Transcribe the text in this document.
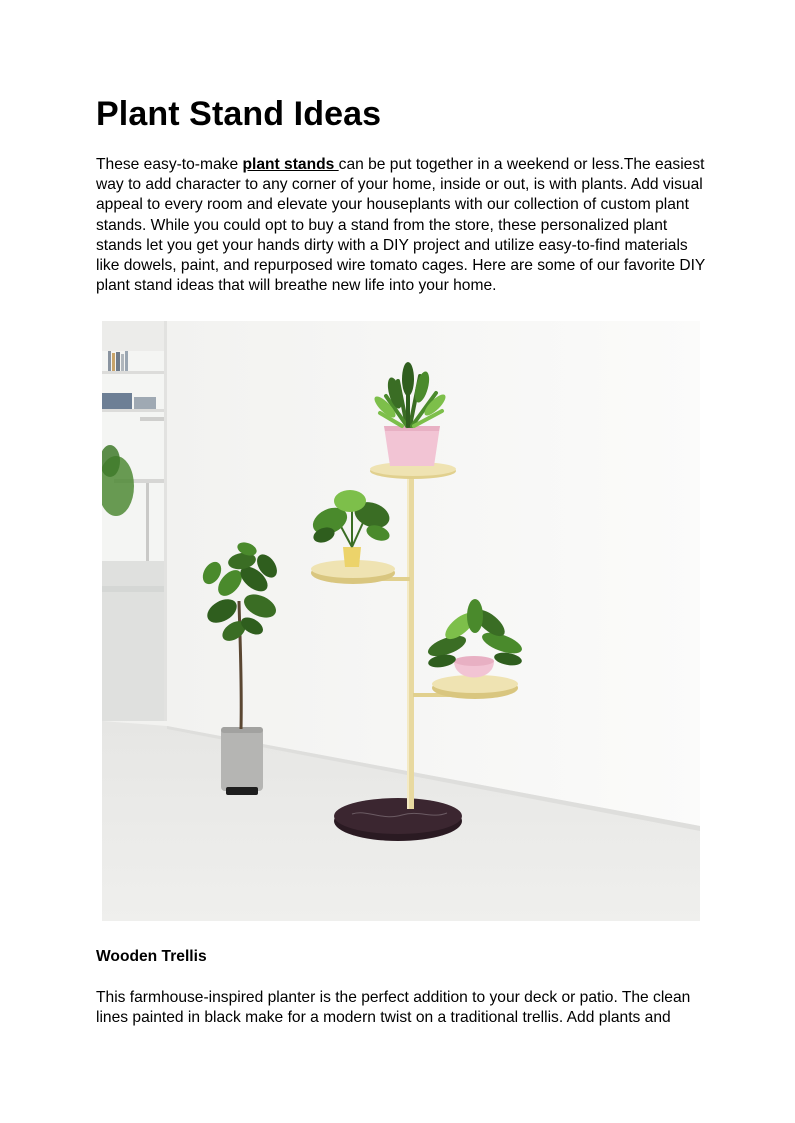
Plant Stand Ideas

These easy-to-make plant stands can be put together in a weekend or less.The easiest
way to add character to any corner of your home, inside or out, is with plants. Add visual
appeal to every room and elevate your houseplants with our collection of custom plant
stands. While you could opt to buy a stand from the store, these personalized plant
stands let you get your hands dirty with a DIY project and utilize easy-to-find materials
like dowels, paint, and repurposed wire tomato cages. Here are some of our favorite DIY
plant stand ideas that will breathe new life into your home.

Wooden Trellis

This farmhouse-inspired planter is the perfect addition to your deck or patio. The clean
lines painted in black make for a modern twist on a traditional trellis. Add plants and
